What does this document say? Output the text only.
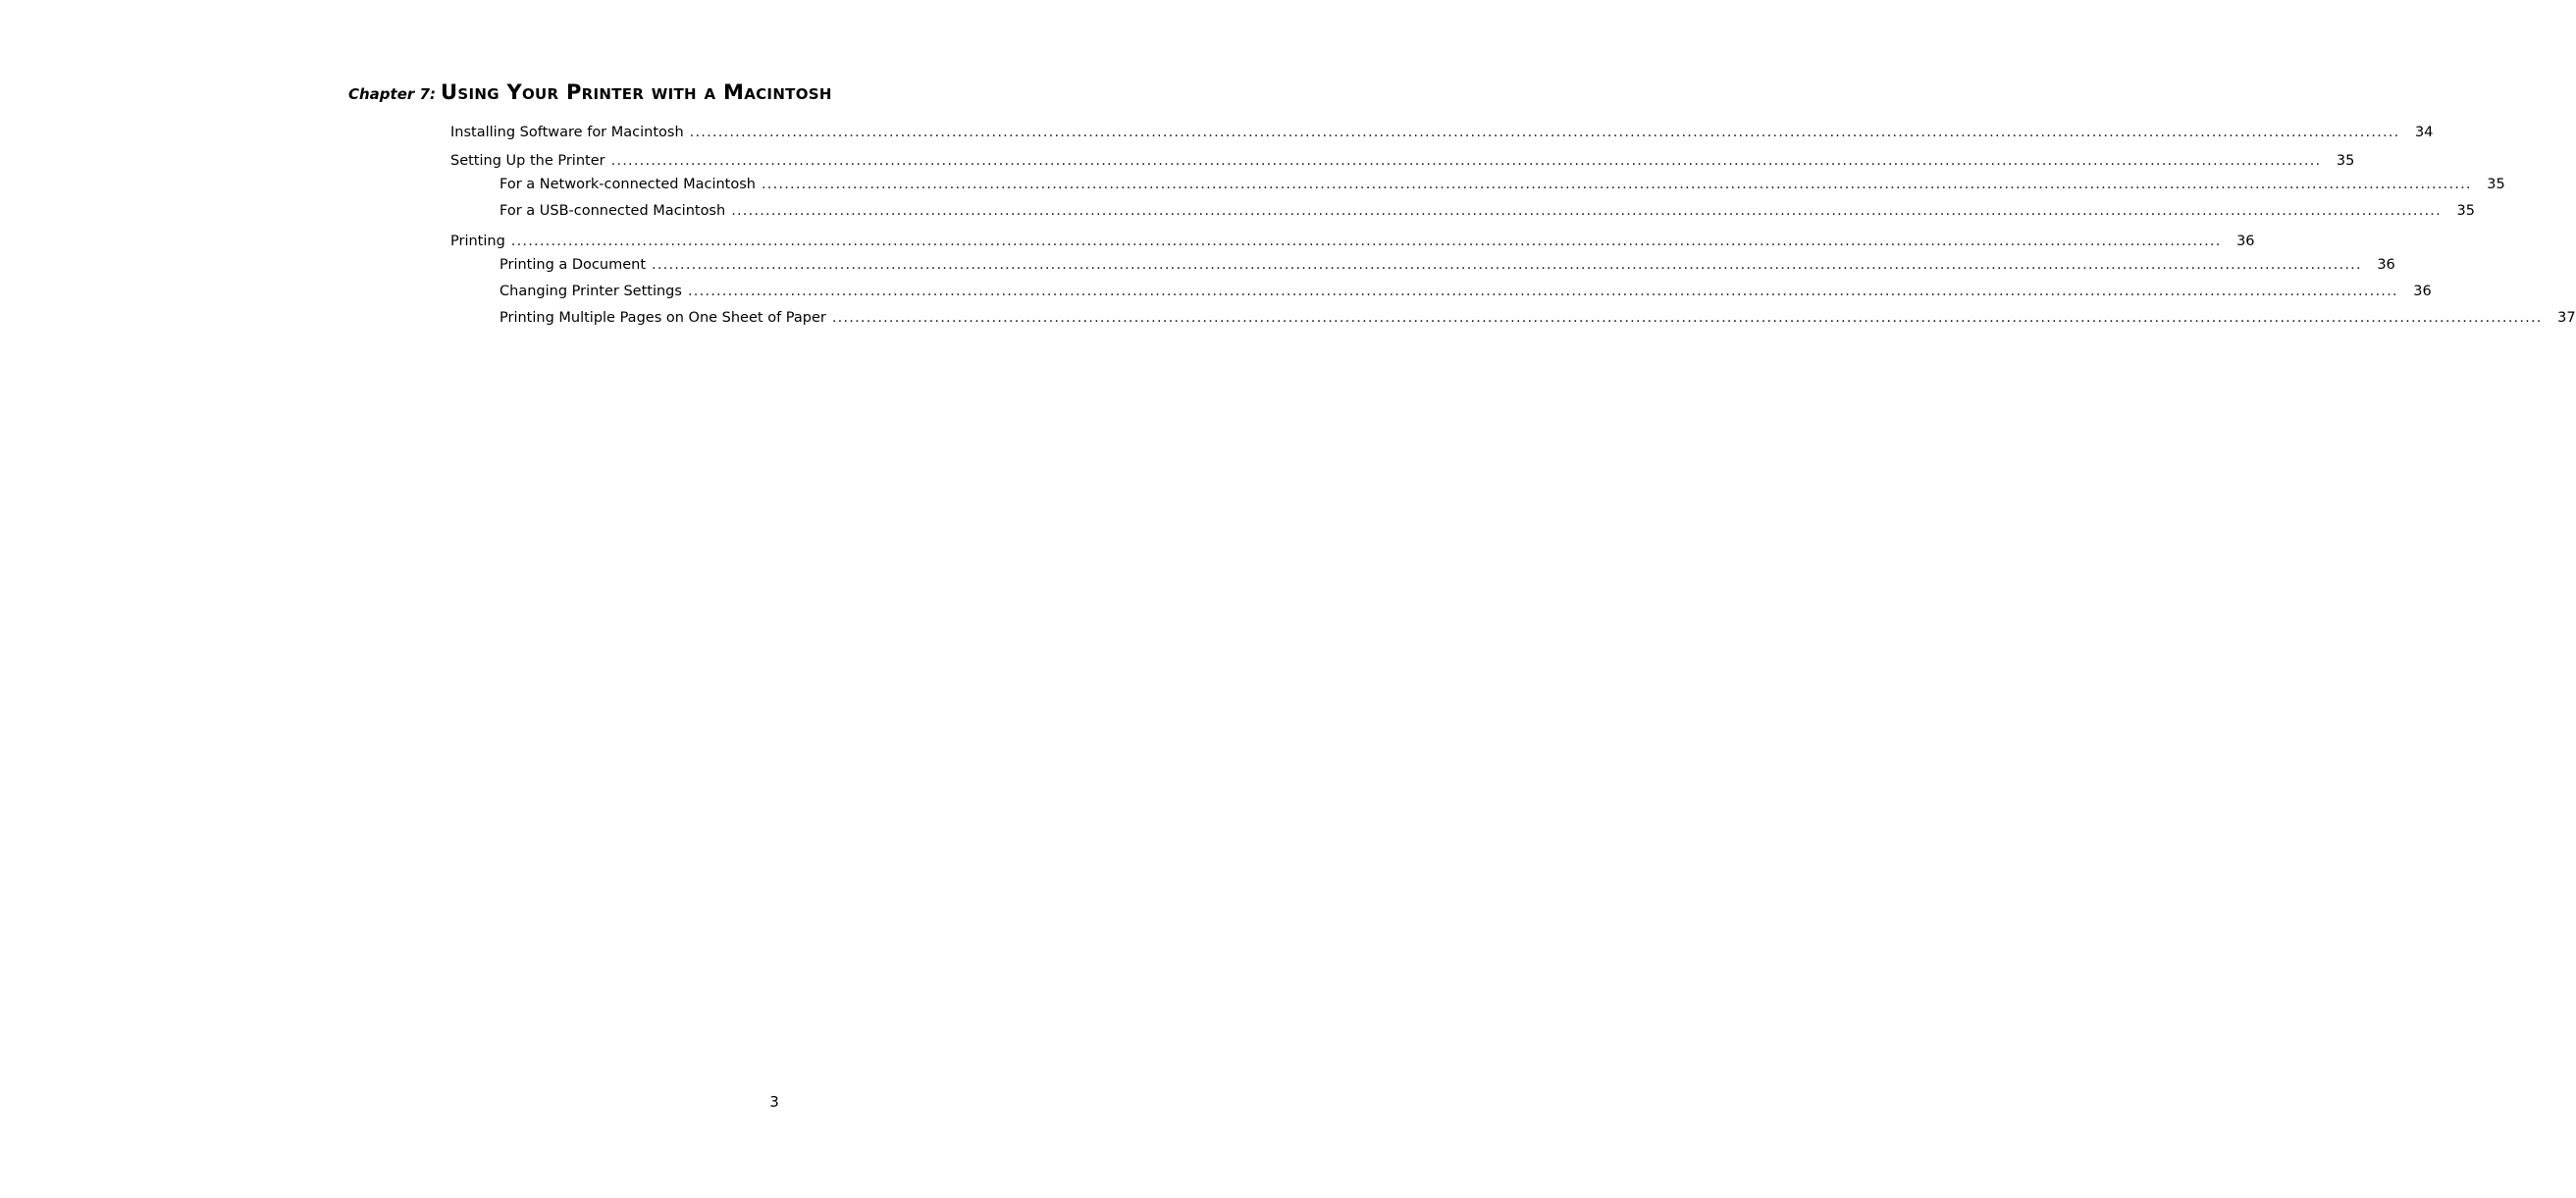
Chapter 7: Using Your Printer with a Macintosh
Installing Software for Macintosh ............................................................................................................................................................................................................................................................................................................	34
Setting Up the Printer ............................................................................................................................................................................................................................................................................................................	35
For a Network-connected Macintosh ............................................................................................................................................................................................................................................................................................................	35
For a USB-connected Macintosh ............................................................................................................................................................................................................................................................................................................	35
Printing ............................................................................................................................................................................................................................................................................................................	36
Printing a Document ............................................................................................................................................................................................................................................................................................................	36
Changing Printer Settings ............................................................................................................................................................................................................................................................................................................	36
Printing Multiple Pages on One Sheet of Paper ............................................................................................................................................................................................................................................................................................................	37
3
